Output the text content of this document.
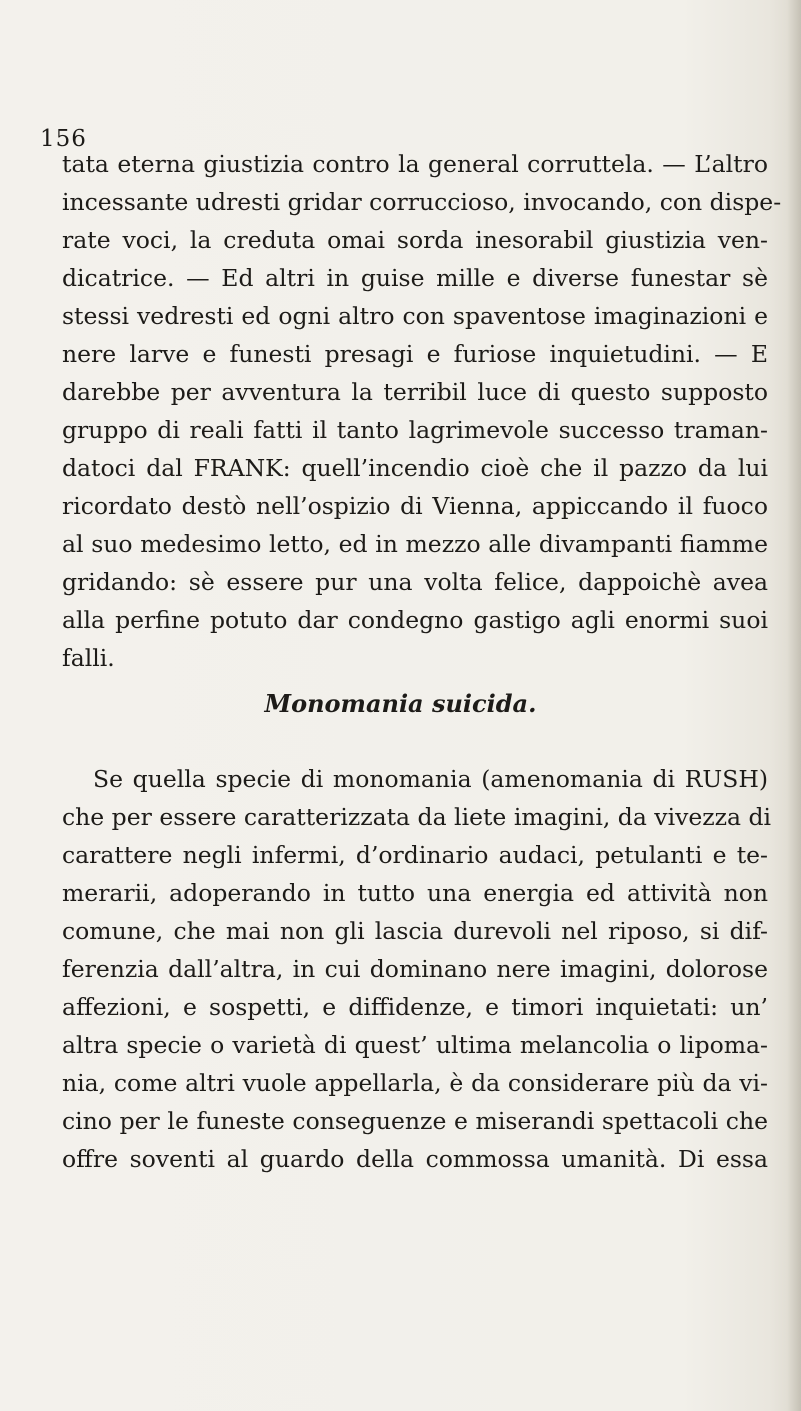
156
tata eterna giustizia contro la general corruttela. — L’altro
incessante udresti gridar corruccioso, invocando, con dispe-
rate voci, la creduta omai sorda inesorabil giustizia ven-
dicatrice. — Ed altri in guise mille e diverse funestar sè
stessi vedresti ed ogni altro con spaventose imaginazioni e
nere larve e funesti presagi e furiose inquietudini. — E
darebbe per avventura la terribil luce di questo supposto
gruppo di reali fatti il tanto lagrimevole successo traman-
datoci dal FRANK: quell’incendio cioè che il pazzo da lui
ricordato destò nell’ospizio di Vienna, appiccando il fuoco
al suo medesimo letto, ed in mezzo alle divampanti fiamme
gridando: sè essere pur una volta felice, dappoichè avea
alla perfine potuto dar condegno gastigo agli enormi suoi
falli.
Monomania suicida.
Se quella specie di monomania (amenomania di RUSH)
che per essere caratterizzata da liete imagini, da vivezza di
carattere negli infermi, d’ordinario audaci, petulanti e te-
merarii, adoperando in tutto una energia ed attività non
comune, che mai non gli lascia durevoli nel riposo, si dif-
ferenzia dall’altra, in cui dominano nere imagini, dolorose
affezioni, e sospetti, e diffidenze, e timori inquietati: un’
altra specie o varietà di quest’ ultima melancolia o lipoma-
nia, come altri vuole appellarla, è da considerare più da vi-
cino per le funeste conseguenze e miserandi spettacoli che
offre soventi al guardo della commossa umanità. Di essa
